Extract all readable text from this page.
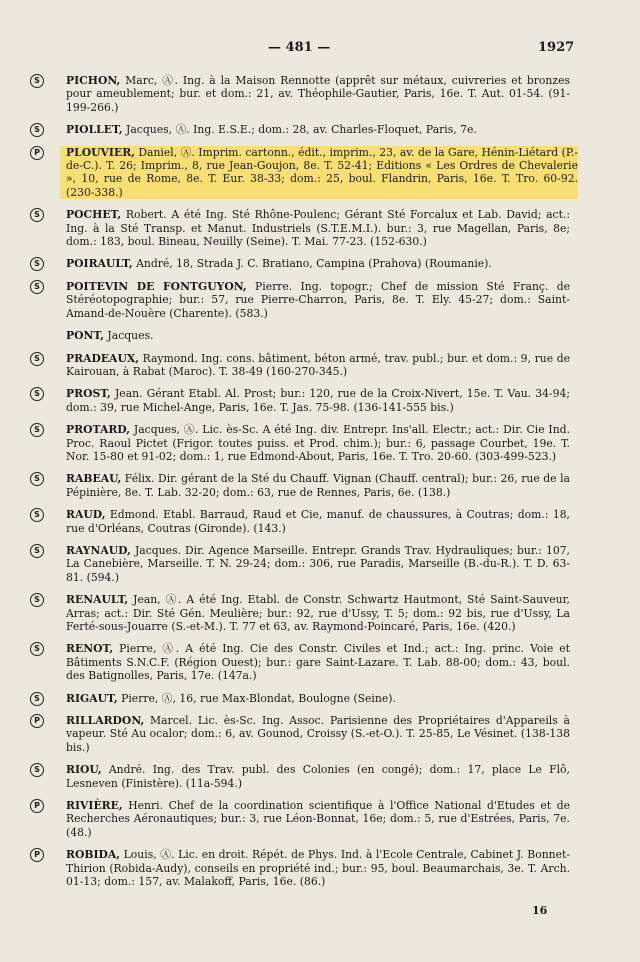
— 481 —	1927
S	PICHON, Marc, Ⓐ. Ing. à la Maison Rennotte (apprêt sur métaux, cuivreries et bronzes pour ameublement; bur. et dom.: 21, av. Théophile-Gautier, Paris, 16e. T. Aut. 01-54. (91-199-266.)
S	PIOLLET, Jacques, Ⓐ. Ing. E.S.E.; dom.: 28, av. Charles-Floquet, Paris, 7e.
P	PLOUVIER, Daniel, Ⓐ. Imprim. cartonn., édit., imprim., 23, av. de la Gare, Hénin-Liétard (P.-de-C.). T. 26; Imprim., 8, rue Jean-Goujon, 8e. T. 52-41; Editions « Les Ordres de Chevalerie », 10, rue de Rome, 8e. T. Eur. 38-33; dom.: 25, boul. Flandrin, Paris, 16e. T. Tro. 60-92. (230-338.)
S	POCHET, Robert. A été Ing. Sté Rhône-Poulenc; Gérant Sté Forcalux et Lab. David; act.: Ing. à la Sté Transp. et Manut. Industriels (S.T.E.M.I.). bur.: 3, rue Magellan, Paris, 8e; dom.: 183, boul. Bineau, Neuilly (Seine). T. Mai. 77-23. (152-630.)
S	POIRAULT, André, 18, Strada J. C. Bratiano, Campina (Prahova) (Roumanie).
S	POITEVIN DE FONTGUYON, Pierre. Ing. topogr.; Chef de mission Sté Franç. de Stéréotopographie; bur.: 57, rue Pierre-Charron, Paris, 8e. T. Ely. 45-27; dom.: Saint-Amand-de-Nouère (Charente). (583.)
PONT, Jacques.
S	PRADEAUX, Raymond. Ing. cons. bâtiment, béton armé, trav. publ.; bur. et dom.: 9, rue de Kairouan, à Rabat (Maroc). T. 38-49 (160-270-345.)
S	PROST, Jean. Gérant Etabl. Al. Prost; bur.: 120, rue de la Croix-Nivert, 15e. T. Vau. 34-94; dom.: 39, rue Michel-Ange, Paris, 16e. T. Jas. 75-98. (136-141-555 bis.)
S	PROTARD, Jacques, Ⓐ. Lic. ès-Sc. A été Ing. div. Entrepr. Ins'all. Electr.; act.: Dir. Cie Ind. Proc. Raoul Pictet (Frigor. toutes puiss. et Prod. chim.); bur.: 6, passage Courbet, 19e. T. Nor. 15-80 et 91-02; dom.: 1, rue Edmond-About, Paris, 16e. T. Tro. 20-60. (303-499-523.)
S	RABEAU, Félix. Dir. gérant de la Sté du Chauff. Vignan (Chauff. central); bur.: 26, rue de la Pépinière, 8e. T. Lab. 32-20; dom.: 63, rue de Rennes, Paris, 6e. (138.)
S	RAUD, Edmond. Etabl. Barraud, Raud et Cie, manuf. de chaussures, à Coutras; dom.: 18, rue d'Orléans, Coutras (Gironde). (143.)
S	RAYNAUD, Jacques. Dir. Agence Marseille. Entrepr. Grands Trav. Hydrauliques; bur.: 107, La Canebière, Marseille. T. N. 29-24; dom.: 306, rue Paradis, Marseille (B.-du-R.). T. D. 63-81. (594.)
S	RENAULT, Jean, Ⓐ. A été Ing. Etabl. de Constr. Schwartz Hautmont, Sté Saint-Sauveur, Arras; act.: Dir. Sté Gén. Meulière; bur.: 92, rue d'Ussy, T. 5; dom.: 92 bis, rue d'Ussy, La Ferté-sous-Jouarre (S.-et-M.). T. 77 et 63, av. Raymond-Poincaré, Paris, 16e. (420.)
S	RENOT, Pierre, Ⓐ. A été Ing. Cie des Constr. Civiles et Ind.; act.: Ing. princ. Voie et Bâtiments S.N.C.F. (Région Ouest); bur.: gare Saint-Lazare. T. Lab. 88-00; dom.: 43, boul. des Batignolles, Paris, 17e. (147a.)
S	RIGAUT, Pierre, Ⓐ, 16, rue Max-Blondat, Boulogne (Seine).
P	RILLARDON, Marcel. Lic. ès-Sc. Ing. Assoc. Parisienne des Propriétaires d'Appareils à vapeur. Sté Au ocalor; dom.: 6, av. Gounod, Croissy (S.-et-O.). T. 25-85, Le Vésinet. (138-138 bis.)
S	RIOU, André. Ing. des Trav. publ. des Colonies (en congé); dom.: 17, place Le Flô, Lesneven (Finistère). (11a-594.)
P	RIVIÈRE, Henri. Chef de la coordination scientifique à l'Office National d'Etudes et de Recherches Aéronautiques; bur.: 3, rue Léon-Bonnat, 16e; dom.: 5, rue d'Estrées, Paris, 7e. (48.)
P	ROBIDA, Louis, Ⓐ. Lic. en droit. Répét. de Phys. Ind. à l'Ecole Centrale, Cabinet J. Bonnet-Thirion (Robida-Audy), conseils en propriété ind.; bur.: 95, boul. Beaumarchais, 3e. T. Arch. 01-13; dom.: 157, av. Malakoff, Paris, 16e. (86.)
16
